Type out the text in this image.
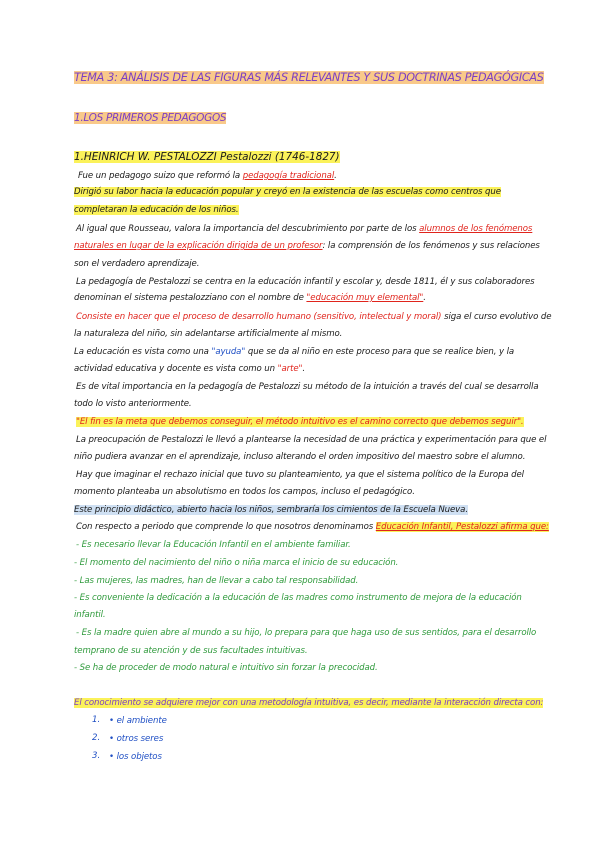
TEMA 3: ANÁLISIS DE LAS FIGURAS MÁS RELEVANTES Y SUS DOCTRINAS PEDAGÓGICAS
1.LOS PRIMEROS PEDAGOGOS
1.HEINRICH W. PESTALOZZI Pestalozzi (1746-1827)
Fue un pedagogo suizo que reformó la pedagogía tradicional.
Dirigió su labor hacia la educación popular y creyó en la existencia de las escuelas como centros que
completaran la educación de los niños.
Al igual que Rousseau, valora la importancia del descubrimiento por parte de los alumnos de los fenómenos
naturales en lugar de la explicación dirigida de un profesor: la comprensión de los fenómenos y sus relaciones
son el verdadero aprendizaje.
La pedagogía de Pestalozzi se centra en la educación infantil y escolar y, desde 1811, él y sus colaboradores
denominan el sistema pestalozziano con el nombre de "educación muy elemental".
Consiste en hacer que el proceso de desarrollo humano (sensitivo, intelectual y moral) siga el curso evolutivo de
la naturaleza del niño, sin adelantarse artificialmente al mismo.
La educación es vista como una "ayuda" que se da al niño en este proceso para que se realice bien, y la
actividad educativa y docente es vista como un "arte".
Es de vital importancia en la pedagogía de Pestalozzi su método de la intuición a través del cual se desarrolla
todo lo visto anteriormente.
"El fin es la meta que debemos conseguir, el método intuitivo es el camino correcto que debemos seguir".
La preocupación de Pestalozzi le llevó a plantearse la necesidad de una práctica y experimentación para que el
niño pudiera avanzar en el aprendizaje, incluso alterando el orden impositivo del maestro sobre el alumno.
Hay que imaginar el rechazo inicial que tuvo su planteamiento, ya que el sistema político de la Europa del
momento planteaba un absolutismo en todos los campos, incluso el pedagógico.
Este principio didáctico, abierto hacia los niños, sembraría los cimientos de la Escuela Nueva.
Con respecto a periodo que comprende lo que nosotros denominamos Educación Infantil, Pestalozzi afirma que:
- Es necesario llevar la Educación Infantil en el ambiente familiar.
- El momento del nacimiento del niño o niña marca el inicio de su educación.
- Las mujeres, las madres, han de llevar a cabo tal responsabilidad.
- Es conveniente la dedicación a la educación de las madres como instrumento de mejora de la educación
infantil.
- Es la madre quien abre al mundo a su hijo, lo prepara para que haga uso de sus sentidos, para el desarrollo
temprano de su atención y de sus facultades intuitivas.
- Se ha de proceder de modo natural e intuitivo sin forzar la precocidad.
El conocimiento se adquiere mejor con una metodología intuitiva, es decir, mediante la interacción directa con:
1. • el ambiente
2. • otros seres
3. • los objetos
